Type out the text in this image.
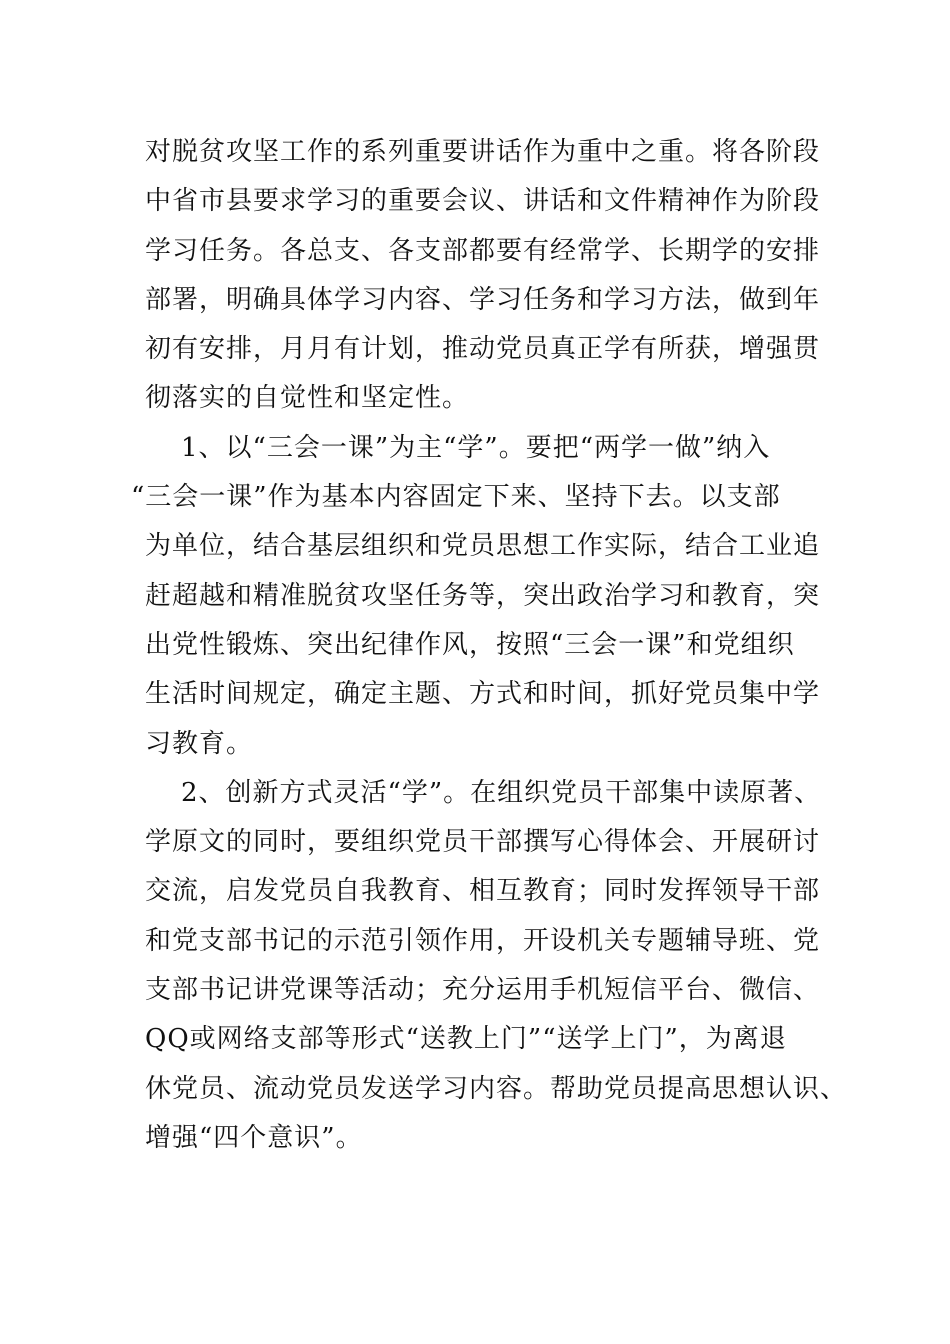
对脱贫攻坚工作的系列重要讲话作为重中之重。将各阶段
中省市县要求学习的重要会议、讲话和文件精神作为阶段
学习任务。各总支、各支部都要有经常学、长期学的安排
部署，明确具体学习内容、学习任务和学习方法，做到年
初有安排，月月有计划，推动党员真正学有所获，增强贯
彻落实的自觉性和坚定性。
1、以“三会一课”为主“学”。要把“两学一做”纳入
“三会一课”作为基本内容固定下来、坚持下去。以支部
为单位，结合基层组织和党员思想工作实际，结合工业追
赶超越和精准脱贫攻坚任务等，突出政治学习和教育，突
出党性锻炼、突出纪律作风，按照“三会一课”和党组织
生活时间规定，确定主题、方式和时间，抓好党员集中学
习教育。
2、创新方式灵活“学”。在组织党员干部集中读原著、
学原文的同时，要组织党员干部撰写心得体会、开展研讨
交流，启发党员自我教育、相互教育；同时发挥领导干部
和党支部书记的示范引领作用，开设机关专题辅导班、党
支部书记讲党课等活动；充分运用手机短信平台、微信、
QQ或网络支部等形式“送教上门”“送学上门”，为离退
休党员、流动党员发送学习内容。帮助党员提高思想认识、
增强“四个意识”。
